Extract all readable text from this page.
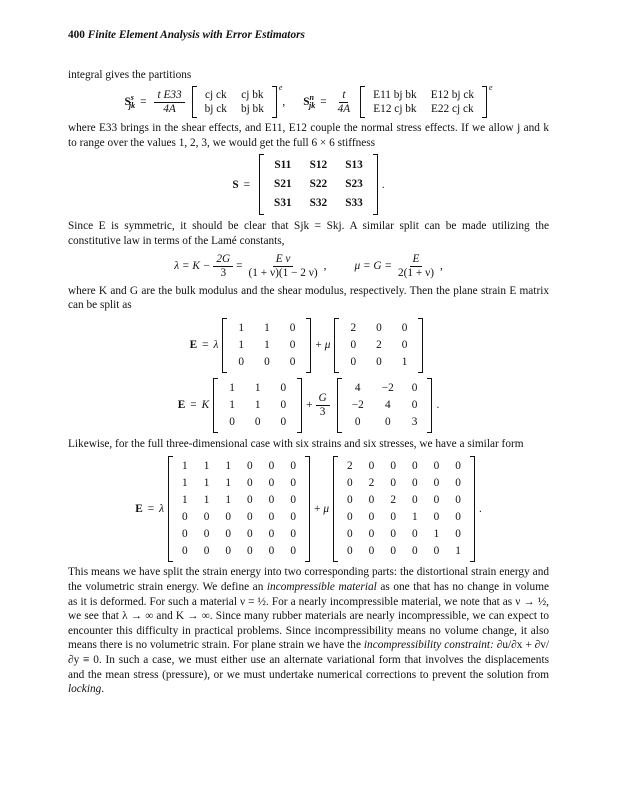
400 Finite Element Analysis with Error Estimators

integral gives the partitions

$S^s_{jk} = \frac{\text{t E33}}{4A}$ cj ck	cj bk
bj ck	bj bk
e
, $S^n_{jk} = \frac{t}{4A} E11$ bj bk	E12 bj ck
E12 cj bk	E22 cj ck
e

where E33 brings in the shear effects, and E11, E12 couple the normal stress effects. If we allow j and k to range over the values 1, 2, 3, we would get the full 6 × 6 stiffness

S =
S11	S12	S13
S21	S22	S23
S31	S32	S33
.

Since E is symmetric, it should be clear that Sjk = Skj. A similar split can be made utilizing the constitutive law in terms of the Lamé constants,

$\lambda = K - \frac{2G}{3} = \frac{\text{E ν}}{(1 + \nu)(1 - 2 \nu)}$ , $\mu = G = \frac{E}{2(1 + \nu)}$ ,

where K and G are the bulk modulus and the shear modulus, respectively. Then the plane strain E matrix can be split as

E = λ
1	1	0
1	1	0
0	0	0
+ μ
2	0	0
0	2	0
0	0	1
E = K
1	1	0
1	1	0
0	0	0
+ $\frac{G}{3}$
4	−2	0
−2	4	0
0	0	3
.

Likewise, for the full three-dimensional case with six strains and six stresses, we have a similar form

E = λ
1	1	1	0	0	0
1	1	1	0	0	0
1	1	1	0	0	0
0	0	0	0	0	0
0	0	0	0	0	0
0	0	0	0	0	0
+ μ
2	0	0	0	0	0
0	2	0	0	0	0
0	0	2	0	0	0
0	0	0	1	0	0
0	0	0	0	1	0
0	0	0	0	0	1
.

This means we have split the strain energy into two corresponding parts: the distortional strain energy and the volumetric strain energy. We define an incompressible material as one that has no change in volume as it is deformed. For such a material ν = ½. For a nearly incompressible material, we note that as ν → ½, we see that λ → ∞ and K → ∞. Since many rubber materials are nearly incompressible, we can expect to encounter this difficulty in practical problems. Since incompressibility means no volume change, it also means there is no volumetric strain. For plane strain we have the incompressibility constraint: ∂u/∂x + ∂v/∂y ≡ 0. In such a case, we must either use an alternate variational form that involves the displacements and the mean stress (pressure), or we must undertake numerical corrections to prevent the solution from locking.
